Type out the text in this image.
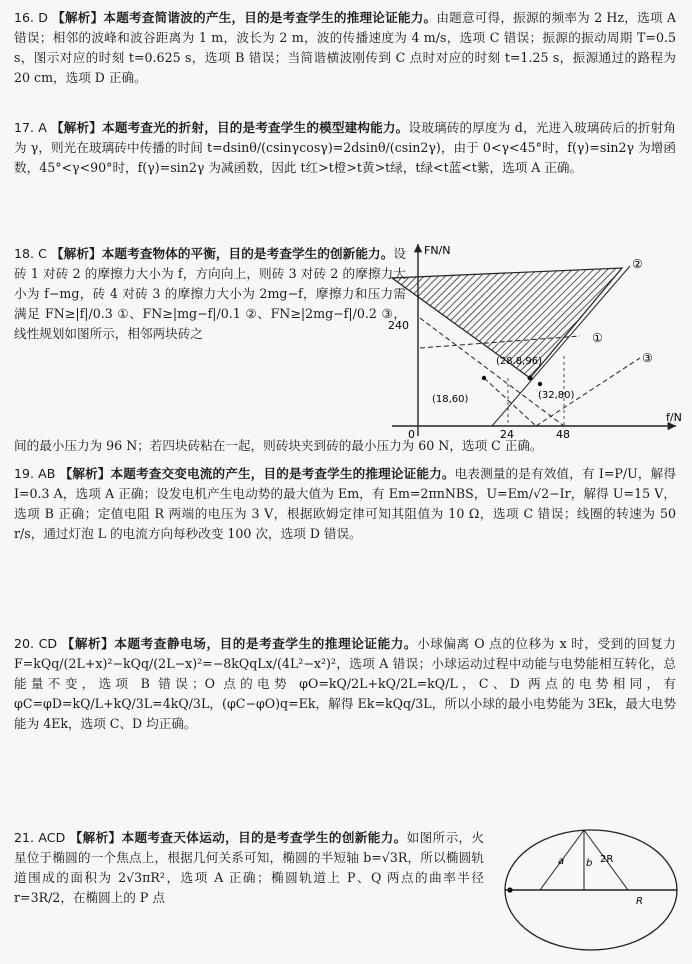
16. D 【解析】本题考查简谐波的产生，目的是考查学生的推理论证能力。由题意可得，振源的频率为 2 Hz，选项 A 错误；相邻的波峰和波谷距离为 1 m，波长为 2 m，波的传播速度为 4 m/s，选项 C 错误；振源的振动周期 T=0.5 s，图示对应的时刻 t=0.625 s，选项 B 错误；当简谐横波刚传到 C 点时对应的时刻 t=1.25 s，振源通过的路程为 20 cm，选项 D 正确。
17. A 【解析】本题考查光的折射，目的是考查学生的模型建构能力。设玻璃砖的厚度为 d，光进入玻璃砖后的折射角为 γ，则光在玻璃砖中传播的时间 t=dsinθ/(csinγcosγ)=2dsinθ/(csin2γ)，由于 0<γ<45°时，f(γ)=sin2γ 为增函数，45°<γ<90°时，f(γ)=sin2γ 为减函数，因此 t红>t橙>t黄>t绿，t绿<t蓝<t紫，选项 A 正确。
18. C 【解析】本题考查物体的平衡，目的是考查学生的创新能力。设砖 1 对砖 2 的摩擦力大小为 f，方向向上，则砖 3 对砖 2 的摩擦力大小为 f−mg，砖 4 对砖 3 的摩擦力大小为 2mg−f，摩擦力和压力需满足 FN≥|f|/0.3 ①、FN≥|mg−f|/0.1 ②、FN≥|2mg−f|/0.2 ③，线性规划如图所示，相邻两块砖之
间的最小压力为 96 N；若四块砖粘在一起，则砖块夹到砖的最小压力为 60 N，选项 C 正确。
FN/N
f/N
0
240
24	48
(28.8,96)
(18,60)	(32,80)
①
②
③
19. AB 【解析】本题考查交变电流的产生，目的是考查学生的推理论证能力。电表测量的是有效值，有 I=P/U，解得 I=0.3 A，选项 A 正确；设发电机产生电动势的最大值为 Em，有 Em=2πnNBS，U=Em/√2−Ir，解得 U=15 V，选项 B 正确；定值电阻 R 两端的电压为 3 V，根据欧姆定律可知其阻值为 10 Ω，选项 C 错误；线圈的转速为 50 r/s，通过灯泡 L 的电流方向每秒改变 100 次，选项 D 错误。
20. CD 【解析】本题考查静电场，目的是考查学生的推理论证能力。小球偏离 O 点的位移为 x 时，受到的回复力 F=kQq/(2L+x)²−kQq/(2L−x)²=−8kQqLx/(4L²−x²)²，选项 A 错误；小球运动过程中动能与电势能相互转化，总能量不变，选项 B 错误；O 点的电势 φO=kQ/2L+kQ/2L=kQ/L，C、D 两点的电势相同，有 φC=φD=kQ/L+kQ/3L=4kQ/3L，(φC−φO)q=Ek，解得 Ek=kQq/3L，所以小球的最小电势能为 3Ek，最大电势能为 4Ek，选项 C、D 均正确。
21. ACD 【解析】本题考查天体运动，目的是考查学生的创新能力。如图所示，火星位于椭圆的一个焦点上，根据几何关系可知，椭圆的半短轴 b=√3R，所以椭圆轨道围成的面积为 2√3πR²，选项 A 正确；椭圆轨道上 P、Q 两点的曲率半径 r=3R/2，在椭圆上的 P 点
a b 2R
R
